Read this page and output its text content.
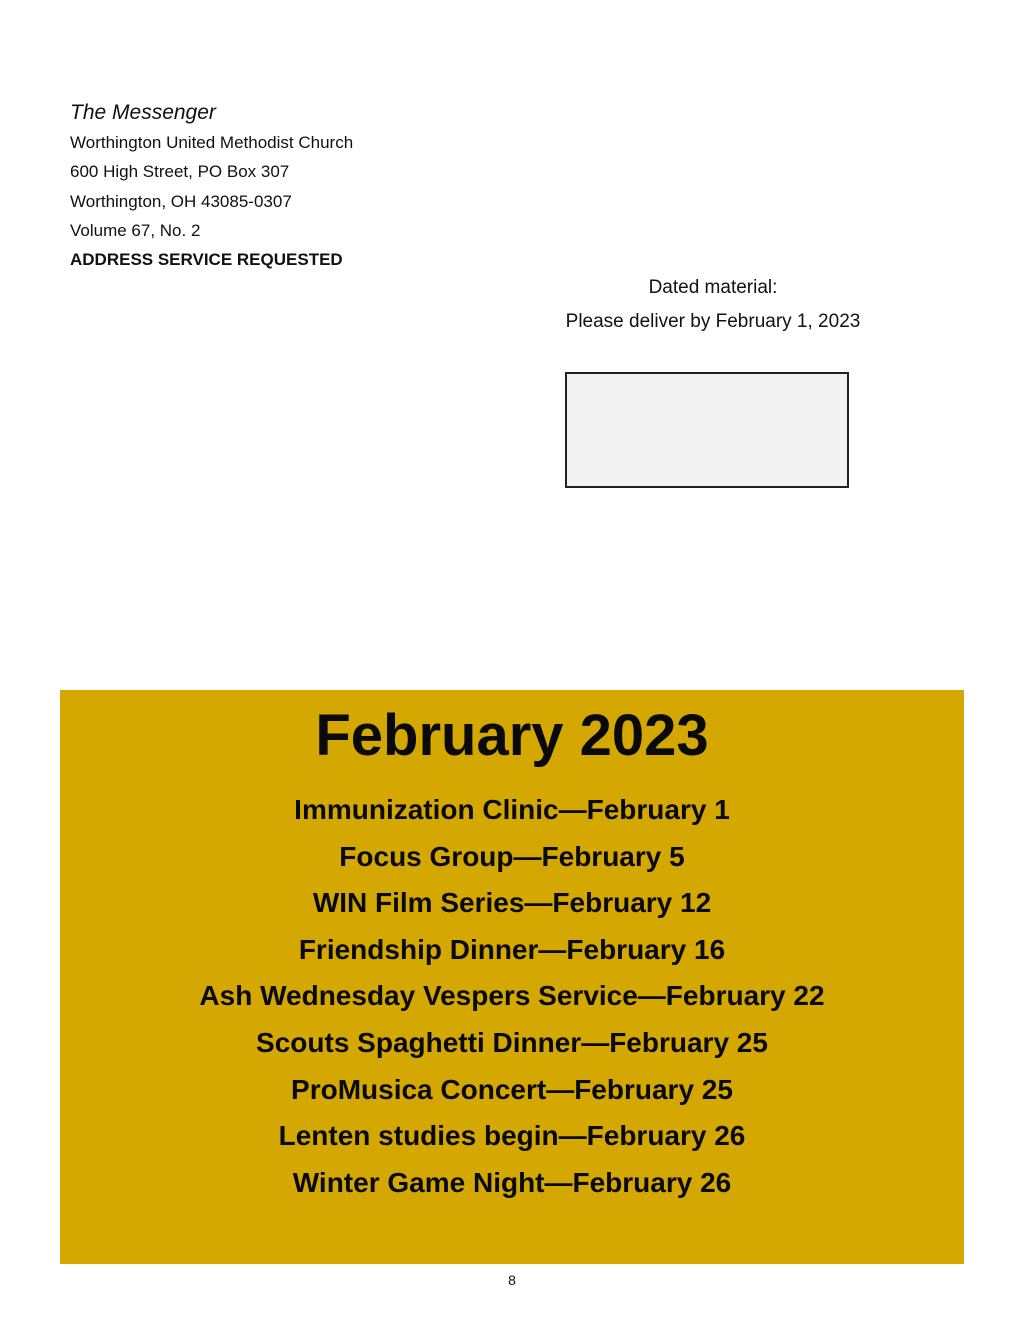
The Messenger

Worthington United Methodist Church

600 High Street, PO Box 307

Worthington, OH 43085-0307

Volume 67, No. 2

ADDRESS SERVICE REQUESTED

Dated material:

Please deliver by February 1, 2023

February 2023
Immunization Clinic—February 1
Focus Group—February 5
WIN Film Series—February 12
Friendship Dinner—February 16
Ash Wednesday Vespers Service—February 22
Scouts Spaghetti Dinner—February 25
ProMusica Concert—February 25
Lenten studies begin—February 26
Winter Game Night—February 26
8
